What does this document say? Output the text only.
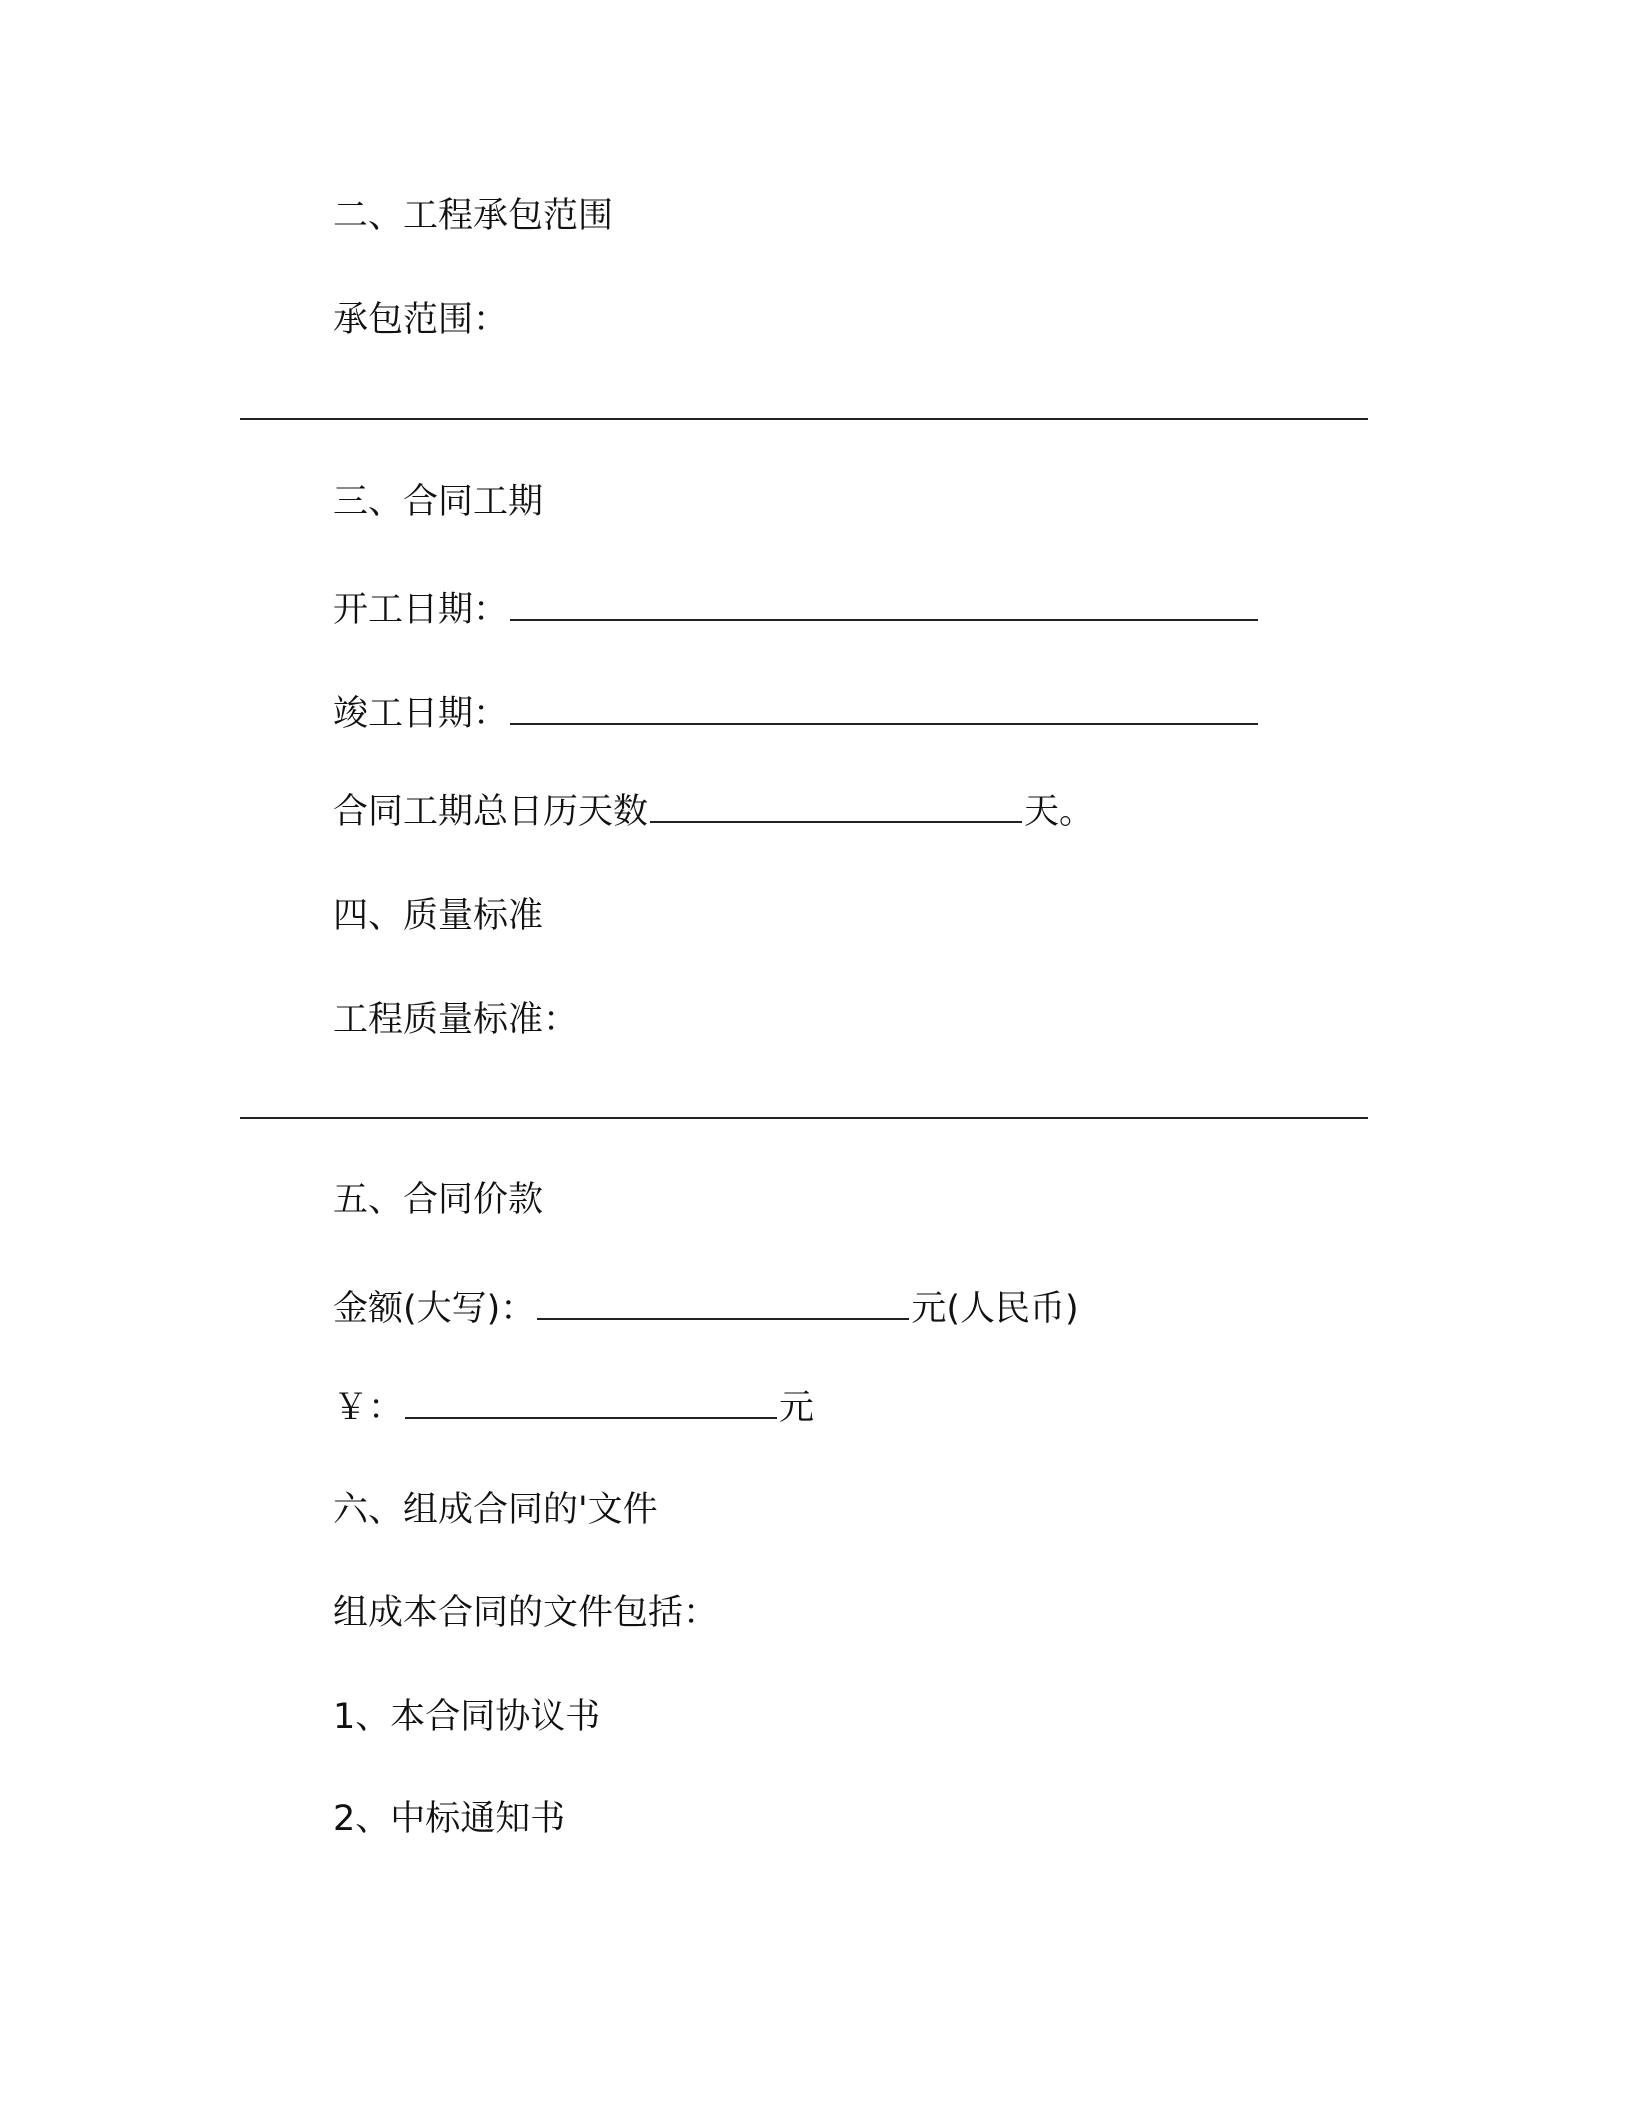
二、工程承包范围
承包范围：
三、合同工期
开工日期：
竣工日期：
合同工期总日历天数	天。
四、质量标准
工程质量标准：
五、合同价款
金额(大写)：	元(人民币)
￥：	元
六、组成合同的'文件
组成本合同的文件包括：
1、本合同协议书
2、中标通知书
